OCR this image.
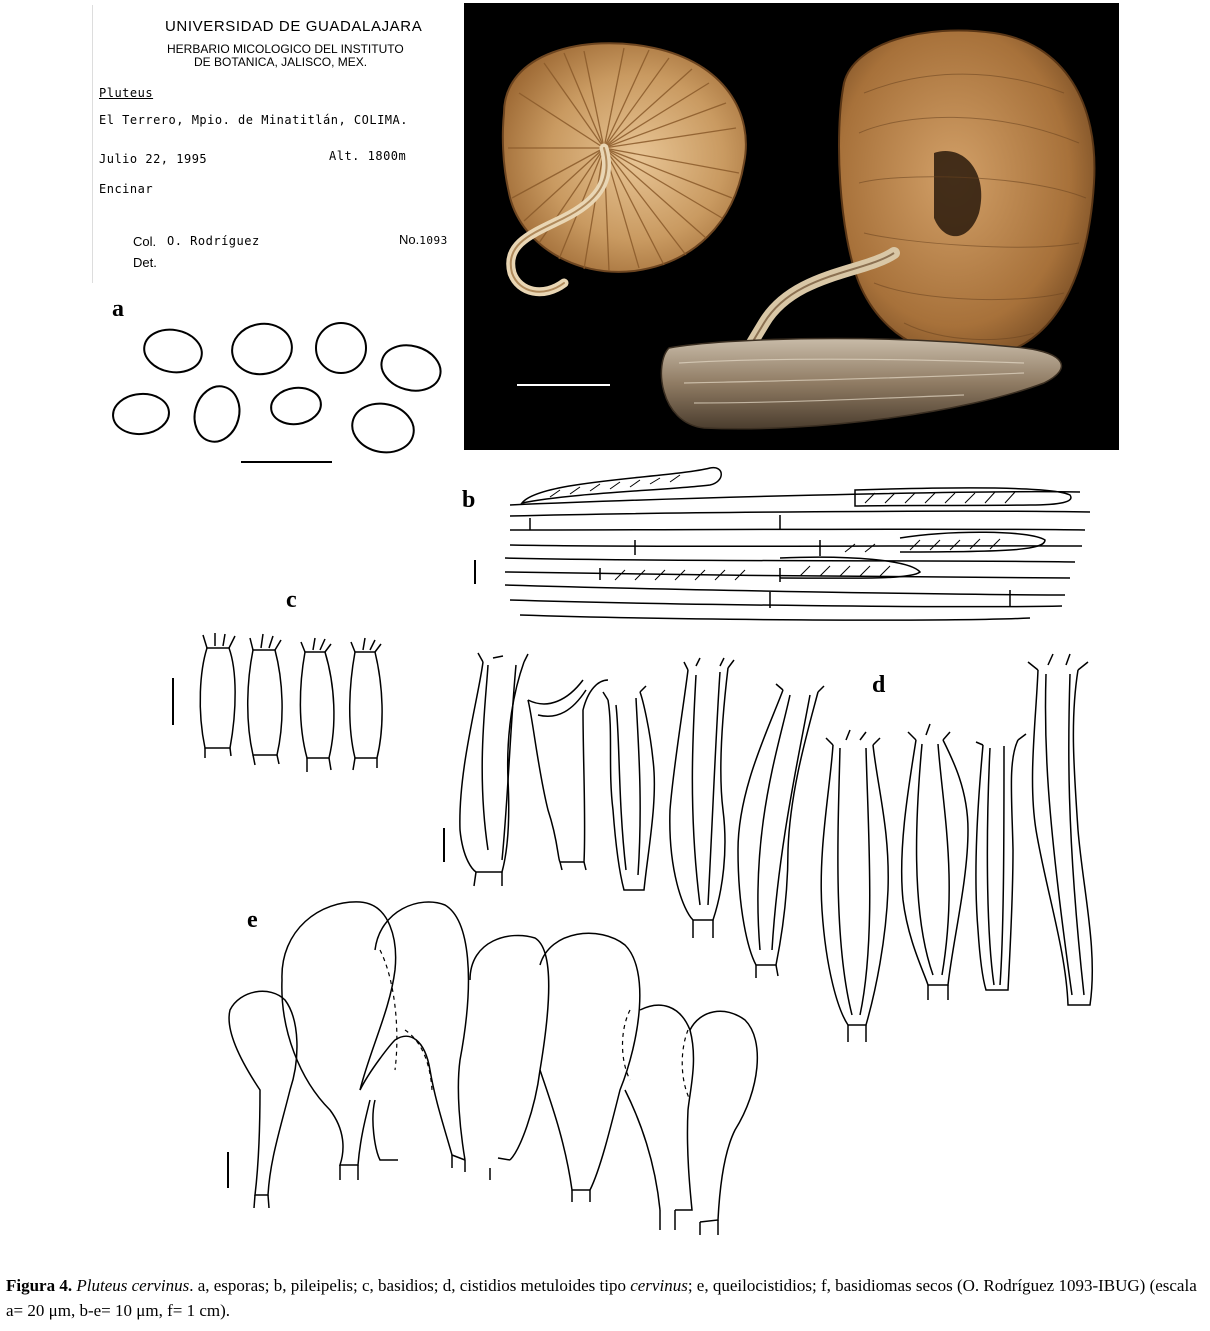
UNIVERSIDAD DE GUADALAJARA
HERBARIO MICOLOGICO DEL INSTITUTO
DE BOTANICA, JALISCO, MEX.
Pluteus
El Terrero, Mpio. de Minatitlán, COLIMA.
Julio 22, 1995	Alt. 1800m
Encinar
Col. O. Rodríguez	No.1093
Det.
a
b
c
d
e
Figura 4. Pluteus cervinus. a, esporas; b, pileipelis; c, basidios; d, cistidios metuloides tipo cervinus; e, queilocistidios; f, basidiomas secos (O. Rodríguez 1093-IBUG) (escala a= 20 μm, b-e= 10 μm, f= 1 cm).
